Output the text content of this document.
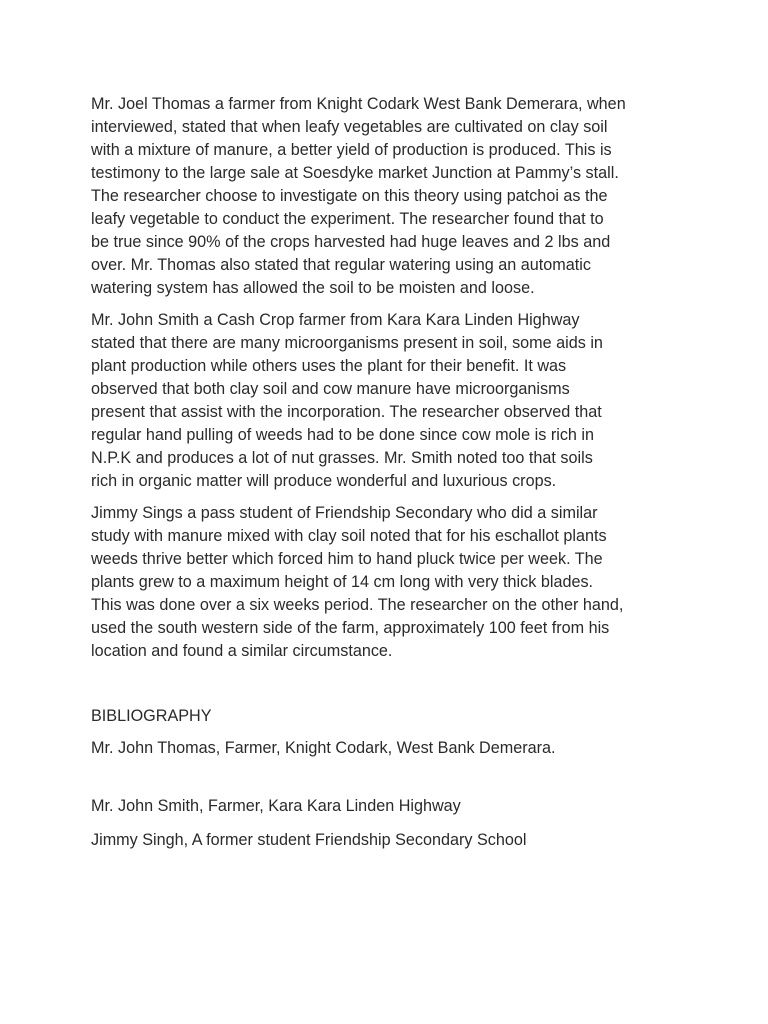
Mr. Joel Thomas a farmer from Knight Codark West Bank Demerara, when
interviewed, stated that when leafy vegetables are cultivated on clay soil
with a mixture of manure, a better yield of production is produced. This is
testimony to the large sale at Soesdyke market Junction at Pammy’s stall.
The researcher choose to investigate on this theory using patchoi as the
leafy vegetable to conduct the experiment. The researcher found that to
be true since 90% of the crops harvested had huge leaves and 2 lbs and
over. Mr. Thomas also stated that regular watering using an automatic
watering system has allowed the soil to be moisten and loose.

Mr. John Smith a Cash Crop farmer from Kara Kara Linden Highway
stated that there are many microorganisms present in soil, some aids in
plant production while others uses the plant for their benefit. It was
observed that both clay soil and cow manure have microorganisms
present that assist with the incorporation. The researcher observed that
regular hand pulling of weeds had to be done since cow mole is rich in
N.P.K and produces a lot of nut grasses. Mr. Smith noted too that soils
rich in organic matter will produce wonderful and luxurious crops.

Jimmy Sings a pass student of Friendship Secondary who did a similar
study with manure mixed with clay soil noted that for his eschallot plants
weeds thrive better which forced him to hand pluck twice per week. The
plants grew to a maximum height of 14 cm long with very thick blades.
This was done over a six weeks period. The researcher on the other hand,
used the south western side of the farm, approximately 100 feet from his
location and found a similar circumstance.

BIBLIOGRAPHY

Mr. John Thomas, Farmer, Knight Codark, West Bank Demerara.

Mr. John Smith, Farmer, Kara Kara Linden Highway

Jimmy Singh, A former student Friendship Secondary School
